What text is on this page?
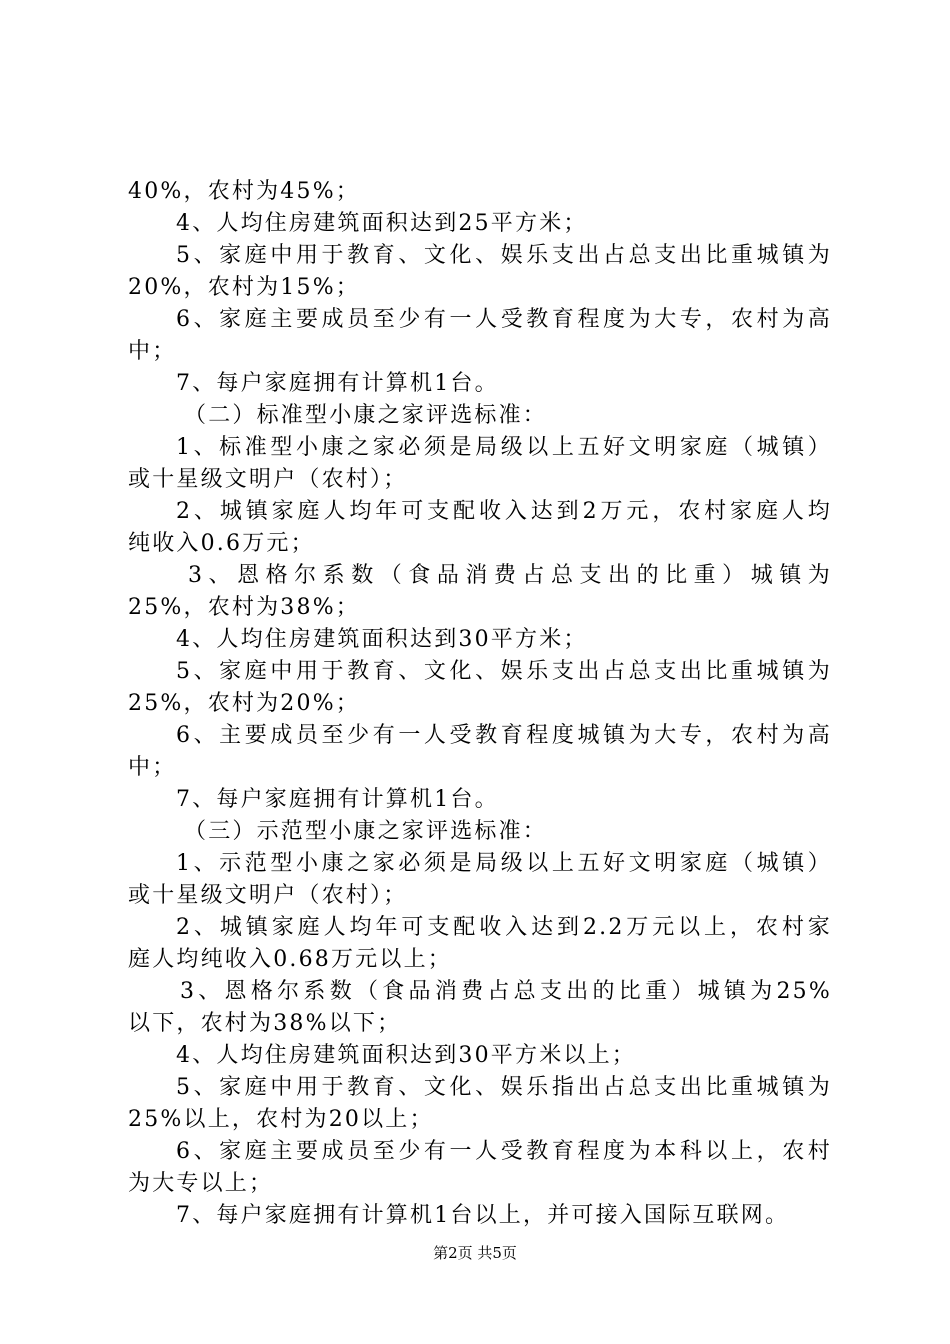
40%，农村为45%；
4、人均住房建筑面积达到25平方米；
5、家庭中用于教育、文化、娱乐支出占总支出比重城镇为
20%，农村为15%；
6、家庭主要成员至少有一人受教育程度为大专，农村为高
中；
7、每户家庭拥有计算机1台。
（二）标准型小康之家评选标准：
1、标准型小康之家必须是局级以上五好文明家庭（城镇）
或十星级文明户（农村）；
2、城镇家庭人均年可支配收入达到2万元，农村家庭人均
纯收入0.6万元；
3、恩格尔系数（食品消费占总支出的比重）城镇为
25%，农村为38%；
4、人均住房建筑面积达到30平方米；
5、家庭中用于教育、文化、娱乐支出占总支出比重城镇为
25%，农村为20%；
6、主要成员至少有一人受教育程度城镇为大专，农村为高
中；
7、每户家庭拥有计算机1台。
（三）示范型小康之家评选标准：
1、示范型小康之家必须是局级以上五好文明家庭（城镇）
或十星级文明户（农村）；
2、城镇家庭人均年可支配收入达到2.2万元以上，农村家
庭人均纯收入0.68万元以上；
3、恩格尔系数（食品消费占总支出的比重）城镇为25%
以下，农村为38%以下；
4、人均住房建筑面积达到30平方米以上；
5、家庭中用于教育、文化、娱乐指出占总支出比重城镇为
25%以上，农村为20以上；
6、家庭主要成员至少有一人受教育程度为本科以上，农村
为大专以上；
7、每户家庭拥有计算机1台以上，并可接入国际互联网。
第2页 共5页
